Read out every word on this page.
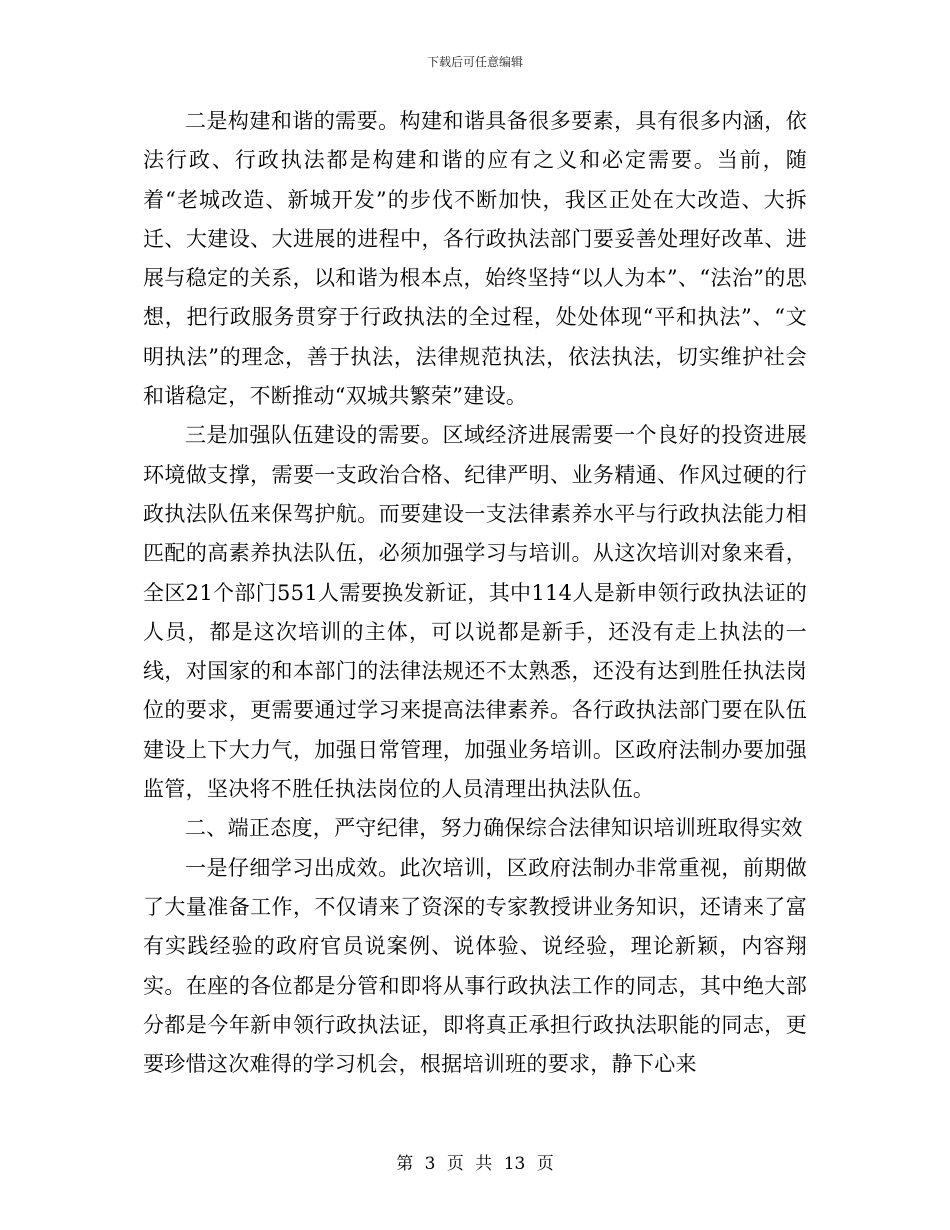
下载后可任意编辑

二是构建和谐的需要。构建和谐具备很多要素，具有很多内涵，依法行政、行政执法都是构建和谐的应有之义和必定需要。当前，随着“老城改造、新城开发”的步伐不断加快，我区正处在大改造、大拆迁、大建设、大进展的进程中，各行政执法部门要妥善处理好改革、进展与稳定的关系，以和谐为根本点，始终坚持“以人为本”、“法治”的思想，把行政服务贯穿于行政执法的全过程，处处体现“平和执法”、“文明执法”的理念，善于执法，法律规范执法，依法执法，切实维护社会和谐稳定，不断推动“双城共繁荣”建设。

三是加强队伍建设的需要。区域经济进展需要一个良好的投资进展环境做支撑，需要一支政治合格、纪律严明、业务精通、作风过硬的行政执法队伍来保驾护航。而要建设一支法律素养水平与行政执法能力相匹配的高素养执法队伍，必须加强学习与培训。从这次培训对象来看，全区21个部门551人需要换发新证，其中114人是新申领行政执法证的人员，都是这次培训的主体，可以说都是新手，还没有走上执法的一线，对国家的和本部门的法律法规还不太熟悉，还没有达到胜任执法岗位的要求，更需要通过学习来提高法律素养。各行政执法部门要在队伍建设上下大力气，加强日常管理，加强业务培训。区政府法制办要加强监管，坚决将不胜任执法岗位的人员清理出执法队伍。

二、端正态度，严守纪律，努力确保综合法律知识培训班取得实效

一是仔细学习出成效。此次培训，区政府法制办非常重视，前期做了大量准备工作，不仅请来了资深的专家教授讲业务知识，还请来了富有实践经验的政府官员说案例、说体验、说经验，理论新颖，内容翔实。在座的各位都是分管和即将从事行政执法工作的同志，其中绝大部分都是今年新申领行政执法证，即将真正承担行政执法职能的同志，更要珍惜这次难得的学习机会，根据培训班的要求，静下心来

第 3 页 共 13 页
